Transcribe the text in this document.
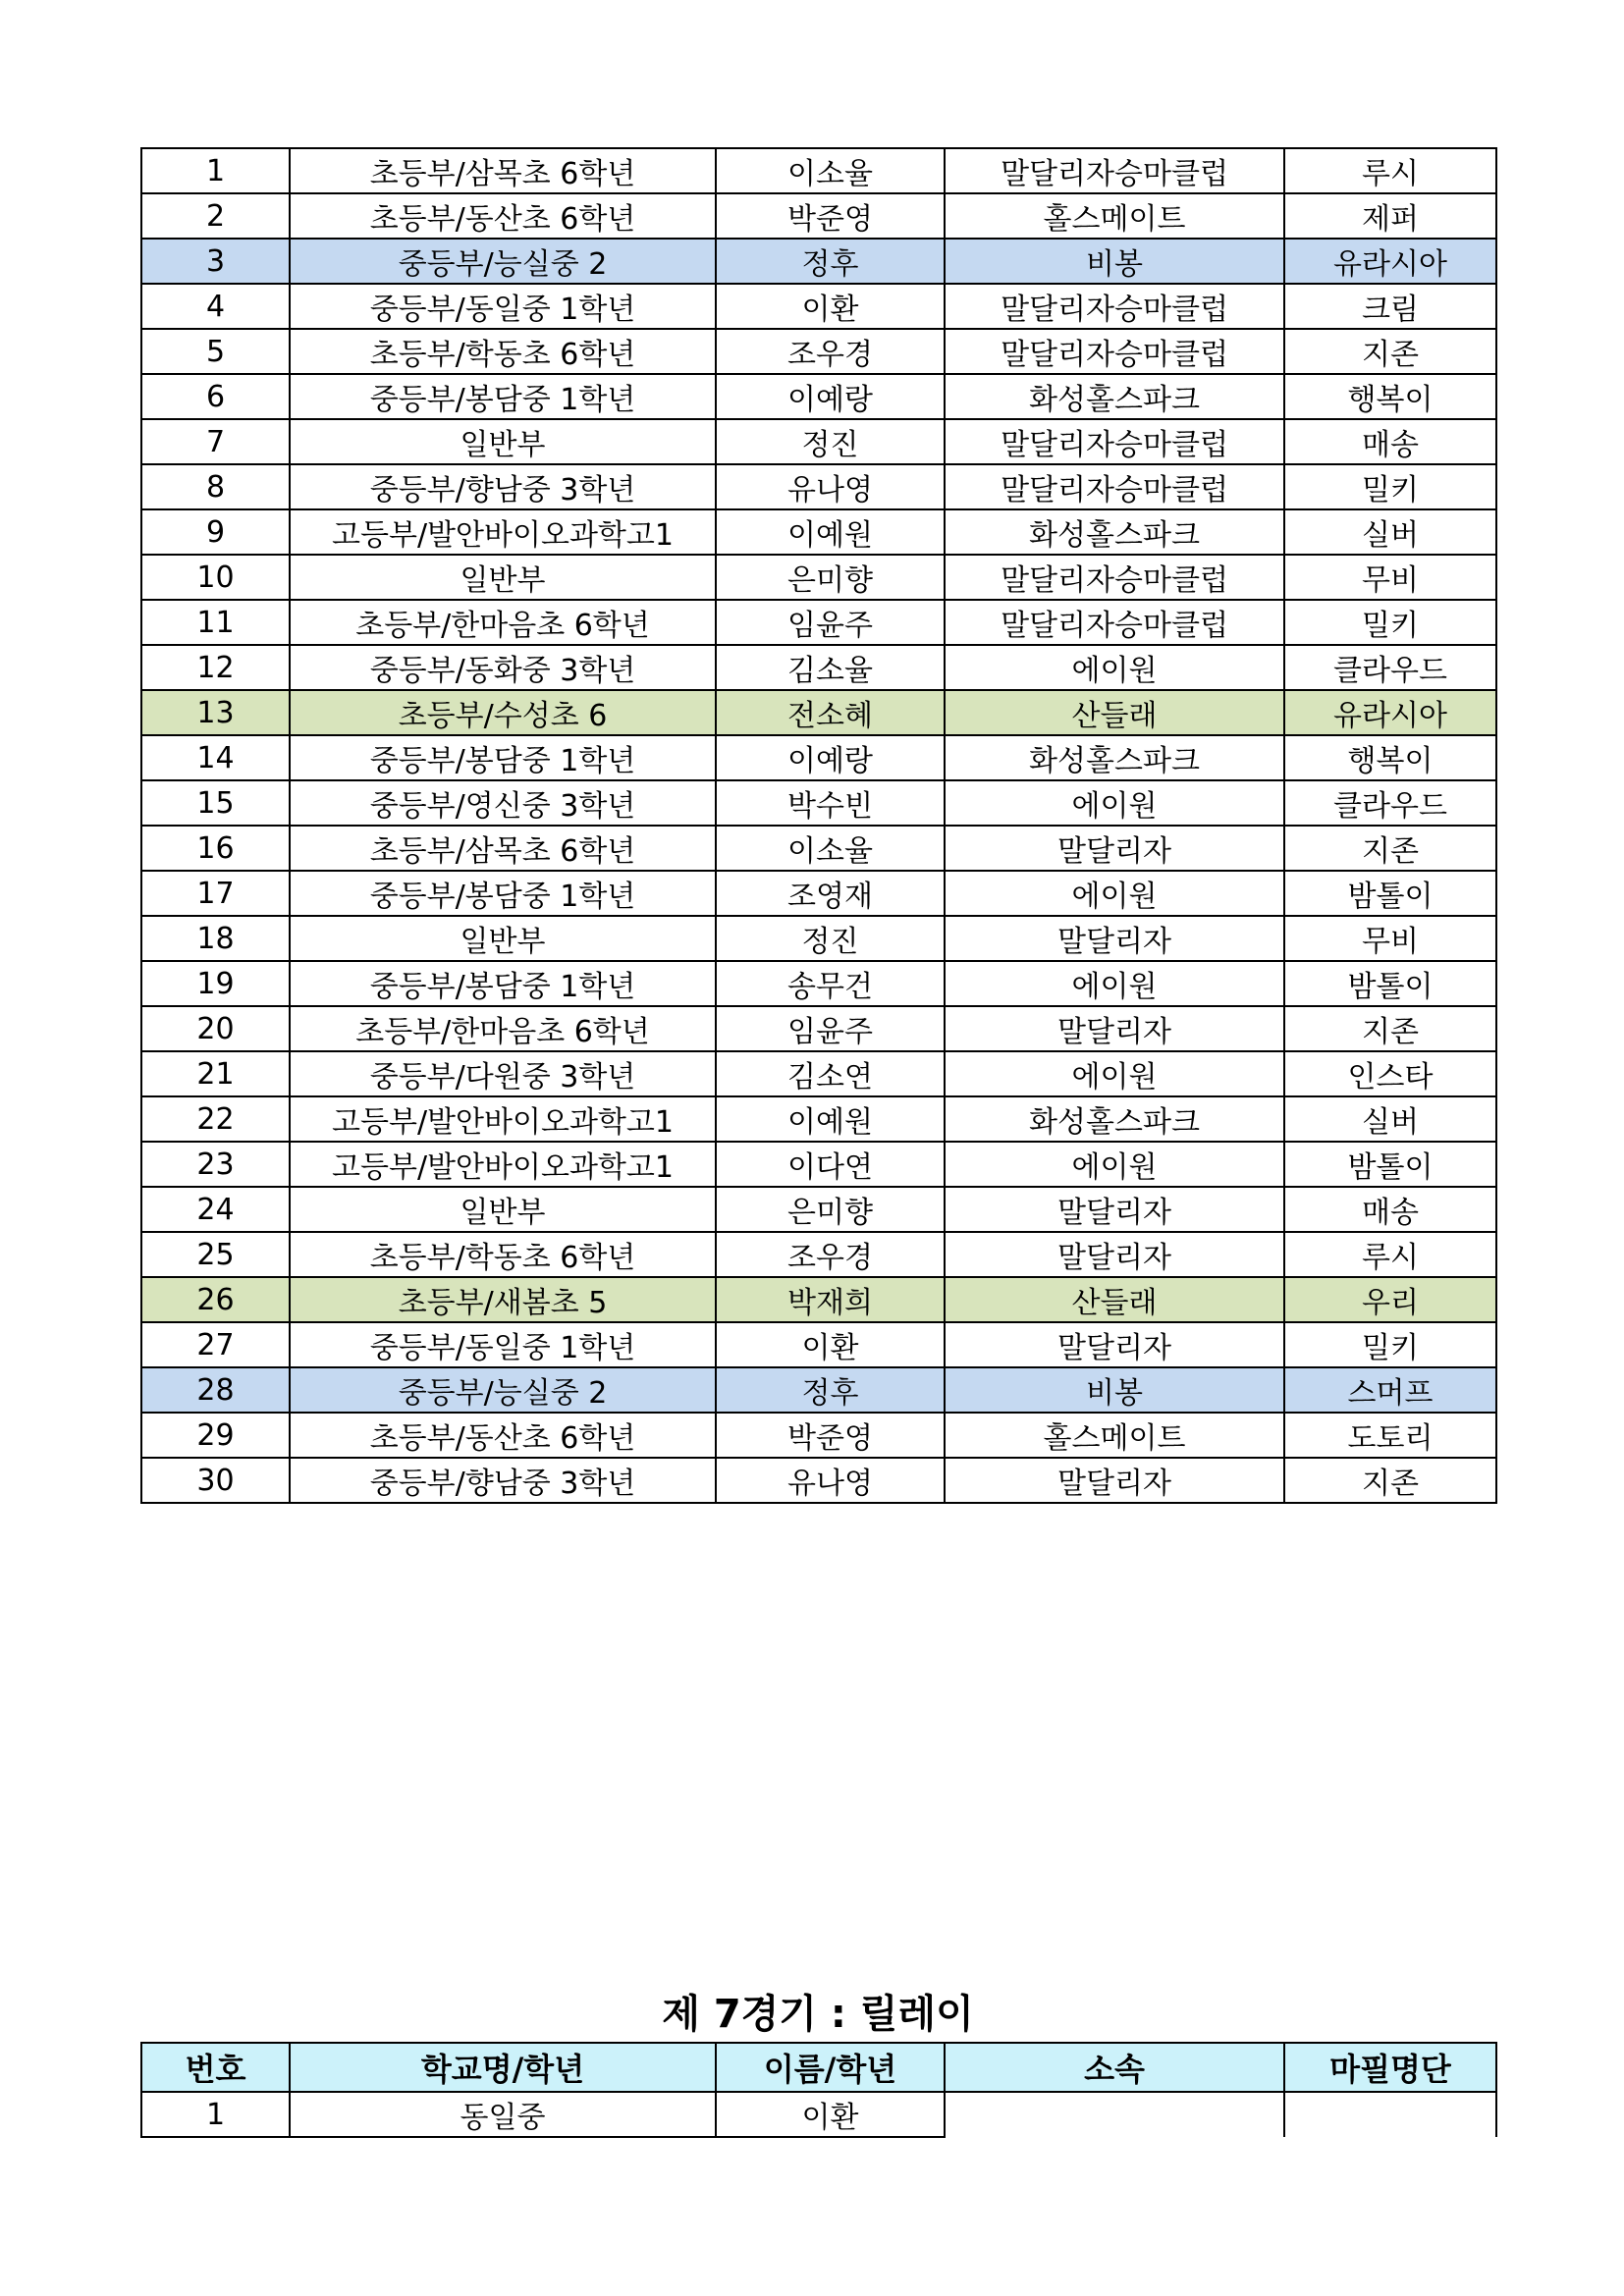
1	초등부/삼목초 6학년	이소율	말달리자승마클럽	루시
2	초등부/동산초 6학년	박준영	홀스메이트	제퍼
3	중등부/능실중 2	정후	비봉	유라시아
4	중등부/동일중 1학년	이환	말달리자승마클럽	크림
5	초등부/학동초 6학년	조우경	말달리자승마클럽	지존
6	중등부/봉담중 1학년	이예랑	화성홀스파크	행복이
7	일반부	정진	말달리자승마클럽	매송
8	중등부/향남중 3학년	유나영	말달리자승마클럽	밀키
9	고등부/발안바이오과학고1	이예원	화성홀스파크	실버
10	일반부	은미향	말달리자승마클럽	무비
11	초등부/한마음초 6학년	임윤주	말달리자승마클럽	밀키
12	중등부/동화중 3학년	김소율	에이원	클라우드
13	초등부/수성초 6	전소혜	산들래	유라시아
14	중등부/봉담중 1학년	이예랑	화성홀스파크	행복이
15	중등부/영신중 3학년	박수빈	에이원	클라우드
16	초등부/삼목초 6학년	이소율	말달리자	지존
17	중등부/봉담중 1학년	조영재	에이원	밤톨이
18	일반부	정진	말달리자	무비
19	중등부/봉담중 1학년	송무건	에이원	밤톨이
20	초등부/한마음초 6학년	임윤주	말달리자	지존
21	중등부/다원중 3학년	김소연	에이원	인스타
22	고등부/발안바이오과학고1	이예원	화성홀스파크	실버
23	고등부/발안바이오과학고1	이다연	에이원	밤톨이
24	일반부	은미향	말달리자	매송
25	초등부/학동초 6학년	조우경	말달리자	루시
26	초등부/새봄초 5	박재희	산들래	우리
27	중등부/동일중 1학년	이환	말달리자	밀키
28	중등부/능실중 2	정후	비봉	스머프
29	초등부/동산초 6학년	박준영	홀스메이트	도토리
30	중등부/향남중 3학년	유나영	말달리자	지존
제 7경기 : 릴레이
번호	학교명/학년	이름/학년	소속	마필명단
1	동일중	이환		
